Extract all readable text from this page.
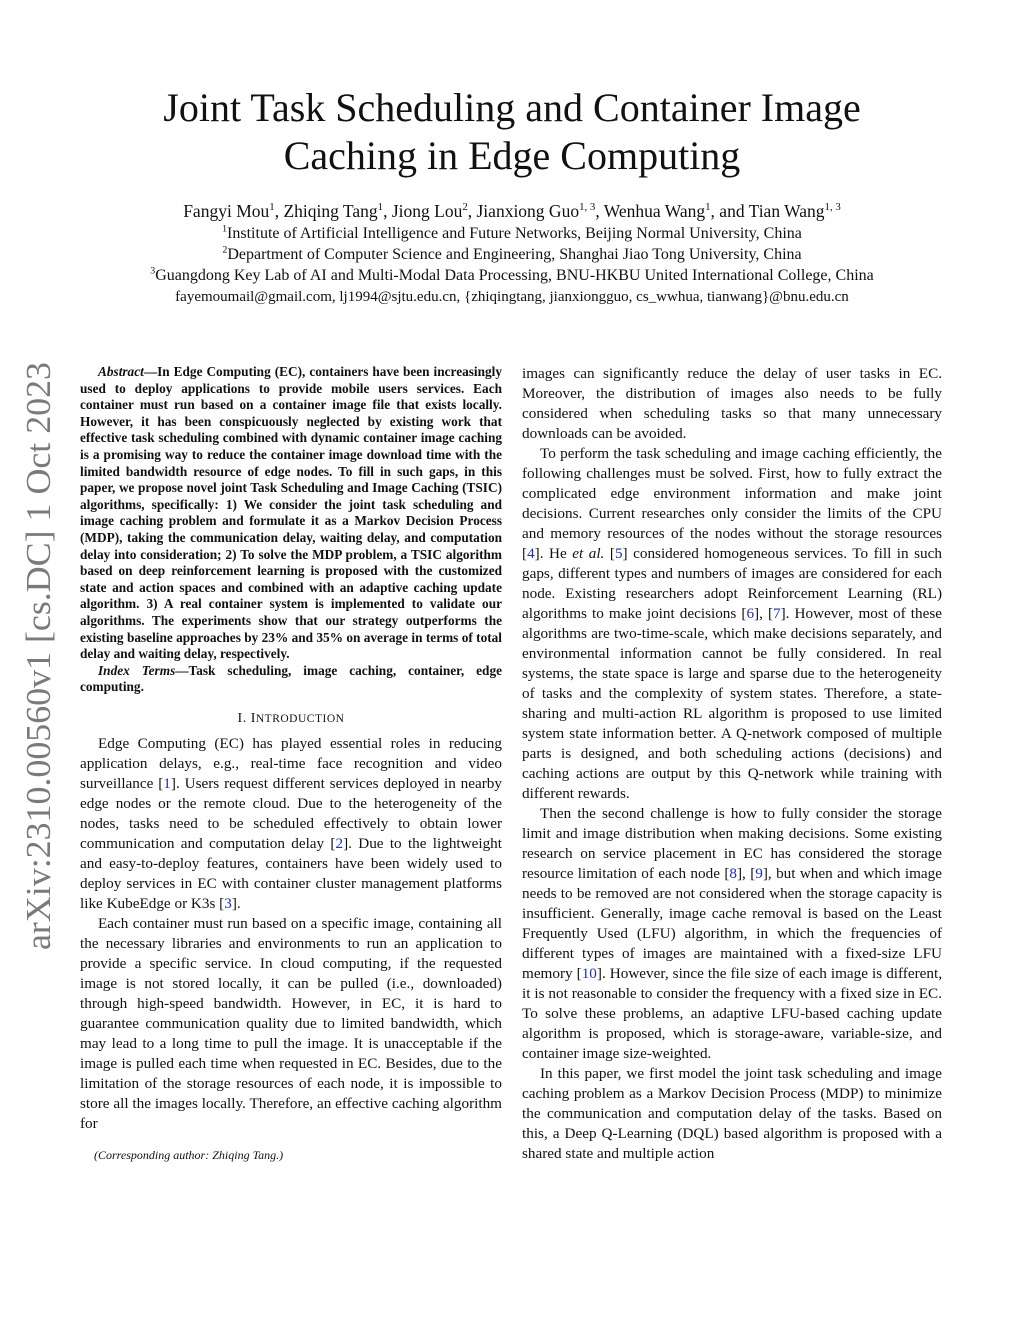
Joint Task Scheduling and Container Image
Caching in Edge Computing
Fangyi Mou$^1$, Zhiqing Tang$^1$, Jiong Lou$^2$, Jianxiong Guo$^{1, 3}$, Wenhua Wang$^1$, and Tian Wang$^{1, 3}$
$^1$Institute of Artificial Intelligence and Future Networks, Beijing Normal University, China
$^2$Department of Computer Science and Engineering, Shanghai Jiao Tong University, China
$^3$Guangdong Key Lab of AI and Multi-Modal Data Processing, BNU-HKBU United International College, China
fayemoumail@gmail.com, lj1994@sjtu.edu.cn, {zhiqingtang, jianxiongguo, cs_wwhua, tianwang}@bnu.edu.cn
arXiv:2310.00560v1 [cs.DC] 1 Oct 2023

Abstract—In Edge Computing (EC), containers have been increasingly used to deploy applications to provide mobile users services. Each container must run based on a container image file that exists locally. However, it has been conspicuously neglected by existing work that effective task scheduling combined with dynamic container image caching is a promising way to reduce the container image download time with the limited bandwidth resource of edge nodes. To fill in such gaps, in this paper, we propose novel joint Task Scheduling and Image Caching (TSIC) algorithms, specifically: 1) We consider the joint task scheduling and image caching problem and formulate it as a Markov Decision Process (MDP), taking the communication delay, waiting delay, and computation delay into consideration; 2) To solve the MDP problem, a TSIC algorithm based on deep reinforcement learning is proposed with the customized state and action spaces and combined with an adaptive caching update algorithm. 3) A real container system is implemented to validate our algorithms. The experiments show that our strategy outperforms the existing baseline approaches by 23% and 35% on average in terms of total delay and waiting delay, respectively.

Index Terms—Task scheduling, image caching, container, edge computing.

I. INTRODUCTION

Edge Computing (EC) has played essential roles in reducing application delays, e.g., real-time face recognition and video surveillance [1]. Users request different services deployed in nearby edge nodes or the remote cloud. Due to the heterogeneity of the nodes, tasks need to be scheduled effectively to obtain lower communication and computation delay [2]. Due to the lightweight and easy-to-deploy features, containers have been widely used to deploy services in EC with container cluster management platforms like KubeEdge or K3s [3].

Each container must run based on a specific image, containing all the necessary libraries and environments to run an application to provide a specific service. In cloud computing, if the requested image is not stored locally, it can be pulled (i.e., downloaded) through high-speed bandwidth. However, in EC, it is hard to guarantee communication quality due to limited bandwidth, which may lead to a long time to pull the image. It is unacceptable if the image is pulled each time when requested in EC. Besides, due to the limitation of the storage resources of each node, it is impossible to store all the images locally. Therefore, an effective caching algorithm for

(Corresponding author: Zhiqing Tang.)

images can significantly reduce the delay of user tasks in EC. Moreover, the distribution of images also needs to be fully considered when scheduling tasks so that many unnecessary downloads can be avoided.

To perform the task scheduling and image caching efficiently, the following challenges must be solved. First, how to fully extract the complicated edge environment information and make joint decisions. Current researches only consider the limits of the CPU and memory resources of the nodes without the storage resources [4]. He et al. [5] considered homogeneous services. To fill in such gaps, different types and numbers of images are considered for each node. Existing researchers adopt Reinforcement Learning (RL) algorithms to make joint decisions [6], [7]. However, most of these algorithms are two-time-scale, which make decisions separately, and environmental information cannot be fully considered. In real systems, the state space is large and sparse due to the heterogeneity of tasks and the complexity of system states. Therefore, a state-sharing and multi-action RL algorithm is proposed to use limited system state information better. A Q-network composed of multiple parts is designed, and both scheduling actions (decisions) and caching actions are output by this Q-network while training with different rewards.

Then the second challenge is how to fully consider the storage limit and image distribution when making decisions. Some existing research on service placement in EC has considered the storage resource limitation of each node [8], [9], but when and which image needs to be removed are not considered when the storage capacity is insufficient. Generally, image cache removal is based on the Least Frequently Used (LFU) algorithm, in which the frequencies of different types of images are maintained with a fixed-size LFU memory [10]. However, since the file size of each image is different, it is not reasonable to consider the frequency with a fixed size in EC. To solve these problems, an adaptive LFU-based caching update algorithm is proposed, which is storage-aware, variable-size, and container image size-weighted.

In this paper, we first model the joint task scheduling and image caching problem as a Markov Decision Process (MDP) to minimize the communication and computation delay of the tasks. Based on this, a Deep Q-Learning (DQL) based algorithm is proposed with a shared state and multiple action
